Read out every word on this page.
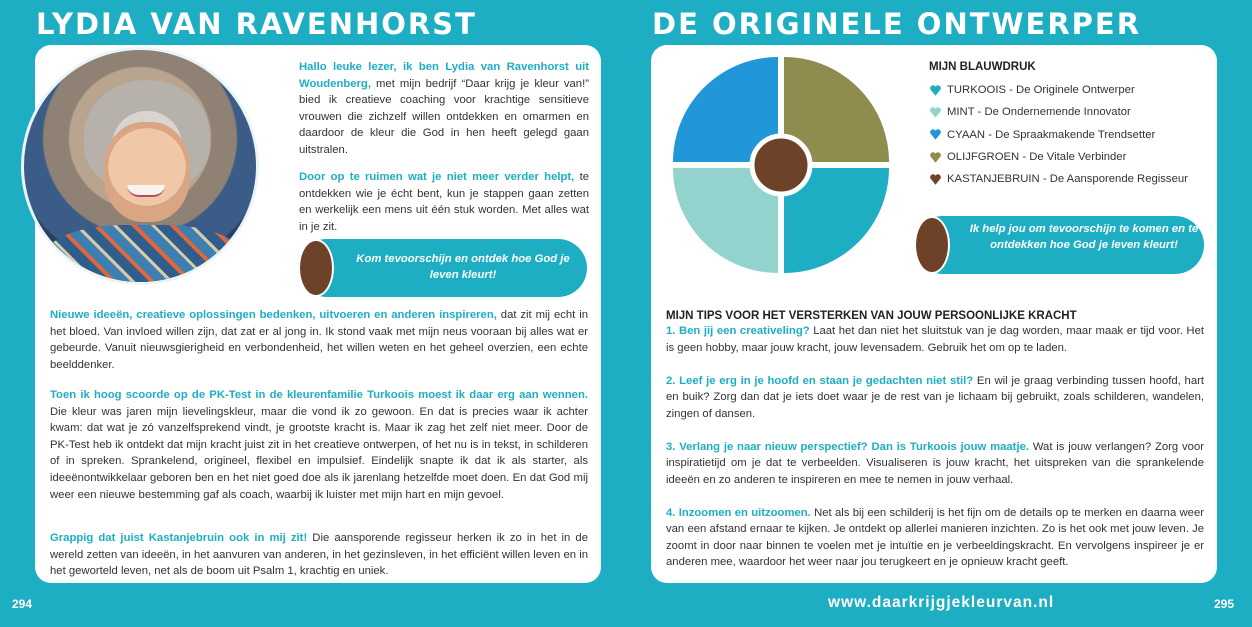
LYDIA VAN RAVENHORST
Hallo leuke lezer, ik ben Lydia van Ravenhorst uit Woudenberg, met mijn bedrijf “Daar krijg je kleur van!” bied ik creatieve coaching voor krachtige sensitieve vrouwen die zichzelf willen ontdekken en omarmen en daardoor de kleur die God in hen heeft gelegd gaan uitstralen.
Door op te ruimen wat je niet meer verder helpt, te ontdekken wie je écht bent, kun je stappen gaan zetten en werkelijk een mens uit één stuk worden. Met alles wat in je zit.
Kom tevoorschijn en ontdek hoe God je leven kleurt!
Nieuwe ideeën, creatieve oplossingen bedenken, uitvoeren en anderen inspireren, dat zit mij echt in het bloed. Van invloed willen zijn, dat zat er al jong in. Ik stond vaak met mijn neus vooraan bij alles wat er gebeurde. Vanuit nieuwsgierigheid en verbondenheid, het willen weten en het geheel overzien, een echte beelddenker.
Toen ik hoog scoorde op de PK-Test in de kleurenfamilie Turkoois moest ik daar erg aan wennen. Die kleur was jaren mijn lievelingskleur, maar die vond ik zo gewoon. En dat is precies waar ik achter kwam: dat wat je zó vanzelfsprekend vindt, je grootste kracht is. Maar ik zag het zelf niet meer. Door de PK-Test heb ik ontdekt dat mijn kracht juist zit in het creatieve ontwerpen, of het nu is in tekst, in schilderen of in spreken. Sprankelend, origineel, flexibel en impulsief. Eindelijk snapte ik dat ik als starter, als ideeënontwikkelaar geboren ben en het niet goed doe als ik jarenlang hetzelfde moet doen. En dat God mij weer een nieuwe bestemming gaf als coach, waarbij ik luister met mijn hart en mijn gevoel.
Grappig dat juist Kastanjebruin ook in mij zit! Die aansporende regisseur herken ik zo in het in de wereld zetten van ideeën, in het aanvuren van anderen, in het gezinsleven, in het efficiënt willen leven en in het geworteld leven, net als de boom uit Psalm 1, krachtig en uniek.
294
DE ORIGINELE ONTWERPER
MIJN BLAUWDRUK
TURKOOIS - De Originele Ontwerper
MINT - De Ondernemende Innovator
CYAAN - De Spraakmakende Trendsetter
OLIJFGROEN - De Vitale Verbinder
KASTANJEBRUIN - De Aansporende Regisseur
Ik help jou om tevoorschijn te komen en te ontdekken hoe God je leven kleurt!
MIJN TIPS VOOR HET VERSTERKEN VAN JOUW PERSOONLIJKE KRACHT
1. Ben jij een creativeling? Laat het dan niet het sluitstuk van je dag worden, maar maak er tijd voor. Het is geen hobby, maar jouw kracht, jouw levensadem. Gebruik het om op te laden.
2. Leef je erg in je hoofd en staan je gedachten niet stil? En wil je graag verbinding tussen hoofd, hart en buik? Zorg dan dat je iets doet waar je de rest van je lichaam bij gebruikt, zoals schilderen, wandelen, zingen of dansen.
3. Verlang je naar nieuw perspectief? Dan is Turkoois jouw maatje. Wat is jouw verlangen? Zorg voor inspiratietijd om je dat te verbeelden. Visualiseren is jouw kracht, het uitspreken van die sprankelende ideeën en zo anderen te inspireren en mee te nemen in jouw verhaal.
4. Inzoomen en uitzoomen. Net als bij een schilderij is het fijn om de details op te merken en daarna weer van een afstand ernaar te kijken. Je ontdekt op allerlei manieren inzichten. Zo is het ook met jouw leven. Je zoomt in door naar binnen te voelen met je intuïtie en je verbeeldingskracht. En vervolgens inspireer je er anderen mee, waardoor het weer naar jou terugkeert en je opnieuw kracht geeft.
www.daarkrijgjekleurvan.nl	295
